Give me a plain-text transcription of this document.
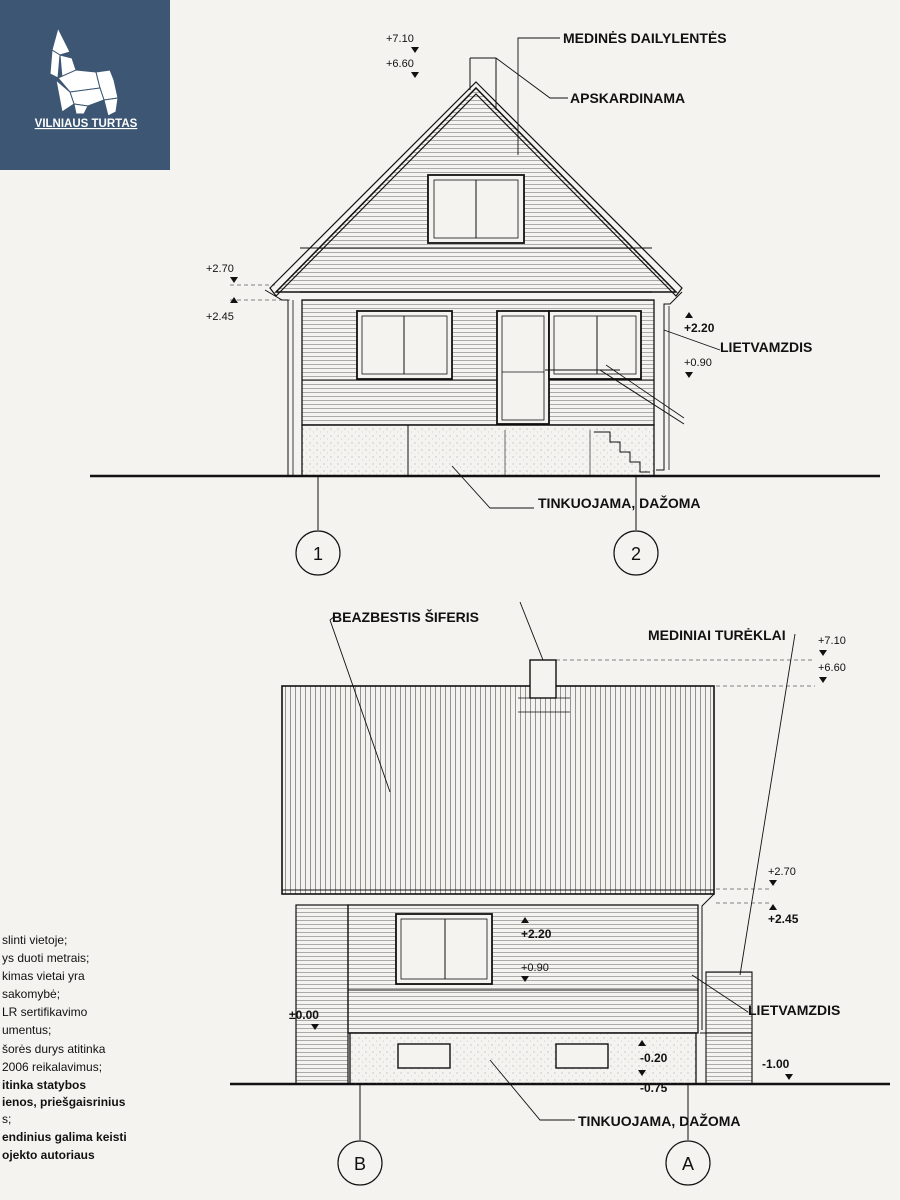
VILNIAUS TURTAS
MEDINĖS DAILYLENTĖS
APSKARDINAMA
LIETVAMZDIS
TINKUOJAMA, DAŽOMA
+7.10
+6.60
+2.70
+2.45
+2.20
+0.90
1	2
BEAZBESTIS ŠIFERIS
MEDINIAI TURĖKLAI
LIETVAMZDIS
TINKUOJAMA, DAŽOMA
+7.10
+6.60
+2.70
+2.45
+2.20
+0.90
±0.00
-0.20
-0.75
-1.00
B	A
slinti vietoje;
ys duoti metrais;
kimas vietai yra
sakomybė;
LR sertifikavimo
umentus;
šorės durys atitinka
2006 reikalavimus;
itinka statybos
ienos, priešgaisrinius
s;
endinius galima keisti
ojekto autoriaus
